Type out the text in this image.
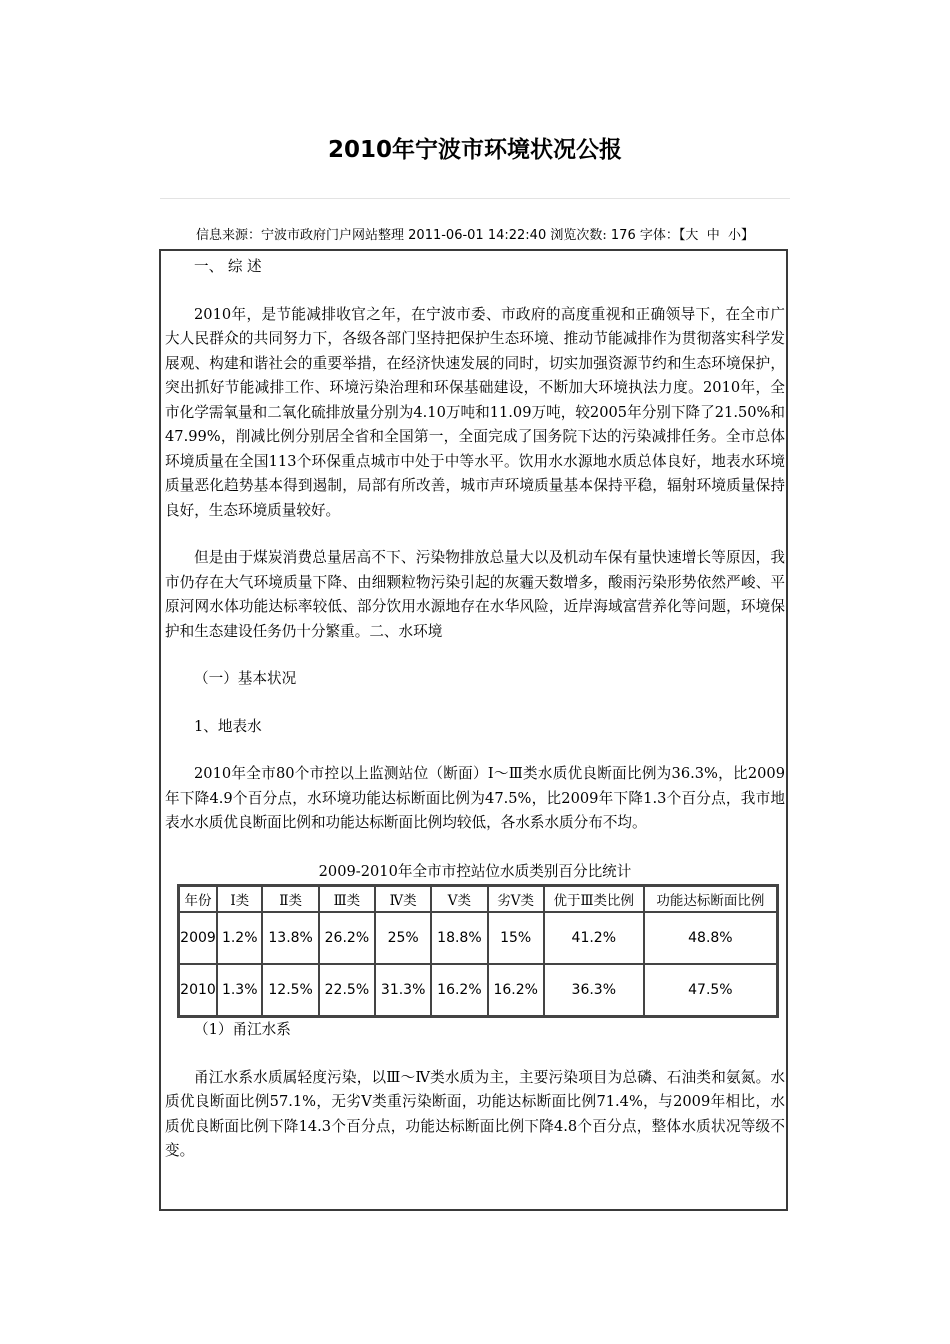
2010年宁波市环境状况公报
信息来源：宁波市政府门户网站整理 2011-06-01 14:22:40 浏览次数: 176 字体：【大 中 小】

一、 综 述

2010年，是节能减排收官之年，在宁波市委、市政府的高度重视和正确领导下，在全市广大人民群众的共同努力下，各级各部门坚持把保护生态环境、推动节能减排作为贯彻落实科学发展观、构建和谐社会的重要举措，在经济快速发展的同时，切实加强资源节约和生态环境保护，突出抓好节能减排工作、环境污染治理和环保基础建设，不断加大环境执法力度。2010年，全市化学需氧量和二氧化硫排放量分别为4.10万吨和11.09万吨，较2005年分别下降了21.50%和47.99%，削减比例分别居全省和全国第一，全面完成了国务院下达的污染减排任务。全市总体环境质量在全国113个环保重点城市中处于中等水平。饮用水水源地水质总体良好，地表水环境质量恶化趋势基本得到遏制，局部有所改善，城市声环境质量基本保持平稳，辐射环境质量保持良好，生态环境质量较好。

但是由于煤炭消费总量居高不下、污染物排放总量大以及机动车保有量快速增长等原因，我市仍存在大气环境质量下降、由细颗粒物污染引起的灰霾天数增多，酸雨污染形势依然严峻、平原河网水体功能达标率较低、部分饮用水源地存在水华风险，近岸海域富营养化等问题，环境保护和生态建设任务仍十分繁重。二、水环境

（一）基本状况

1、地表水

2010年全市80个市控以上监测站位（断面）Ⅰ～Ⅲ类水质优良断面比例为36.3%，比2009年下降4.9个百分点，水环境功能达标断面比例为47.5%，比2009年下降1.3个百分点，我市地表水水质优良断面比例和功能达标断面比例均较低，各水系水质分布不均。

2009-2010年全市市控站位水质类别百分比统计

年份	Ⅰ类	Ⅱ类	Ⅲ类	Ⅳ类	Ⅴ类	劣Ⅴ类	优于Ⅲ类比例	功能达标断面比例
2009	1.2%	13.8%	26.2%	25%	18.8%	15%	41.2%	48.8%
2010	1.3%	12.5%	22.5%	31.3%	16.2%	16.2%	36.3%	47.5%

（1）甬江水系

甬江水系水质属轻度污染，以Ⅲ～Ⅳ类水质为主，主要污染项目为总磷、石油类和氨氮。水质优良断面比例57.1%，无劣Ⅴ类重污染断面，功能达标断面比例71.4%，与2009年相比，水质优良断面比例下降14.3个百分点，功能达标断面比例下降4.8个百分点，整体水质状况等级不变。
